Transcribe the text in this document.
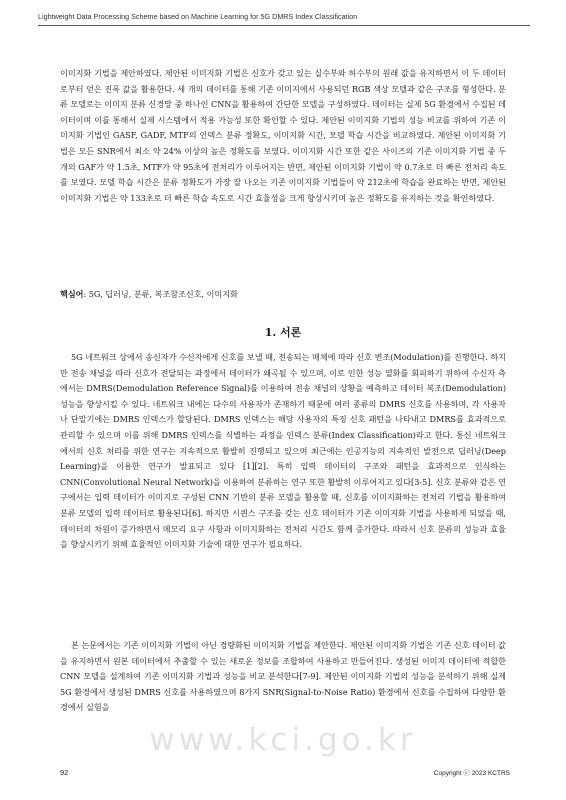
Lightweight Data Processing Scheme based on Machine Learning for 5G DMRS Index Classification

이미지화 기법을 제안하였다. 제안된 이미지화 기법은 신호가 갖고 있는 실수부와 허수부의 원래 값을 유지하면서 이 두 데이터로부터 얻은 진폭 값을 활용한다. 세 개의 데이터를 통해 기존 이미지에서 사용되던 RGB 색상 모델과 같은 구조를 형성한다. 분류 모델로는 이미지 분류 신경망 중 하나인 CNN을 활용하여 간단한 모델을 구성하였다. 데이터는 실제 5G 환경에서 수집된 데이터이며 이를 통해서 실제 시스템에서 적용 가능성 또한 확인할 수 있다. 제안된 이미지화 기법의 성능 비교를 위하여 기존 이미지화 기법인 GASF, GADF, MTF의 인덱스 분류 정확도, 이미지화 시간, 모델 학습 시간을 비교하였다. 제안된 이미지화 기법은 모든 SNR에서 최소 약 24% 이상의 높은 정확도를 보였다. 이미지화 시간 또한 같은 사이즈의 기존 이미지화 기법 중 두 개의 GAF가 약 1.5초, MTF가 약 95초에 전처리가 이루어지는 반면, 제안된 이미지화 기법이 약 0.7초로 더 빠른 전처리 속도를 보였다. 모델 학습 시간은 분류 정확도가 가장 잘 나오는 기존 이미지화 기법들이 약 212초에 학습을 완료하는 반면, 제안된 이미지화 기법은 약 133초로 더 빠른 학습 속도로 시간 효율성을 크게 향상시키며 높은 정확도를 유지하는 것을 확인하였다.

핵심어: 5G, 딥러닝, 분류, 복조참조신호, 이미지화
1. 서론

5G 네트워크 상에서 송신자가 수신자에게 신호를 보낼 때, 전송되는 매체에 따라 신호 변조(Modulation)를 진행한다. 하지만 전송 채널을 따라 신호가 전달되는 과정에서 데이터가 왜곡될 수 있으며, 이로 인한 성능 열화를 회피하기 위하여 수신자 측에서는 DMRS(Demodulation Reference Signal)를 이용하여 전송 채널의 상황을 예측하고 데이터 복조(Demodulation) 성능을 향상시킬 수 있다. 네트워크 내에는 다수의 사용자가 존재하기 때문에 여러 종류의 DMRS 신호를 사용하며, 각 사용자나 단말기에는 DMRS 인덱스가 할당된다. DMRS 인덱스는 해당 사용자의 특징 신호 패턴을 나타내고 DMRS를 효과적으로 관리할 수 있으며 이를 위해 DMRS 인덱스를 식별하는 과정을 인덱스 분류(Index Classification)라고 한다. 통신 네트워크에서의 신호 처리를 위한 연구는 지속적으로 활발히 진행되고 있으며 최근에는 인공지능의 지속적인 발전으로 딥러닝(Deep Learning)을 이용한 연구가 발표되고 있다 [1][2]. 특히 입력 데이터의 구조와 패턴을 효과적으로 인식하는 CNN(Convolutional Neural Network)을 이용하여 분류하는 연구 또한 활발히 이루어지고 있다[3-5]. 신호 분류와 같은 연구에서는 입력 데이터가 이미지로 구성된 CNN 기반의 분류 모델을 활용할 때, 신호를 이미지화하는 전처리 기법을 활용하여 분류 모델의 입력 데이터로 활용된다[6]. 하지만 시퀀스 구조를 갖는 신호 데이터가 기존 이미지화 기법을 사용하게 되었을 때, 데이터의 차원이 증가하면서 메모리 요구 사항과 이미지화하는 전처리 시간도 함께 증가한다. 따라서 신호 분류의 성능과 효율을 향상시키기 위해 효율적인 이미지화 기술에 대한 연구가 필요하다.

본 논문에서는 기존 이미지화 기법이 아닌 경량화된 이미지화 기법을 제안한다. 제안된 이미지화 기법은 기존 신호 데이터 값을 유지하면서 원본 데이터에서 추출할 수 있는 새로운 정보를 조합하여 사용하고 만들어진다. 생성된 이미지 데이터에 적합한 CNN 모델을 설계하여 기존 이미지화 기법과 성능을 비교 분석한다[7-9]. 제안된 이미지화 기법의 성능을 분석하기 위해 실제 5G 환경에서 생성된 DMRS 신호를 사용하였으며 8가지 SNR(Signal-to-Noise Ratio) 환경에서 신호를 수집하여 다양한 환경에서 실험을

www.kci.go.kr
92	Copyright ⓒ 2023 KCTRS
